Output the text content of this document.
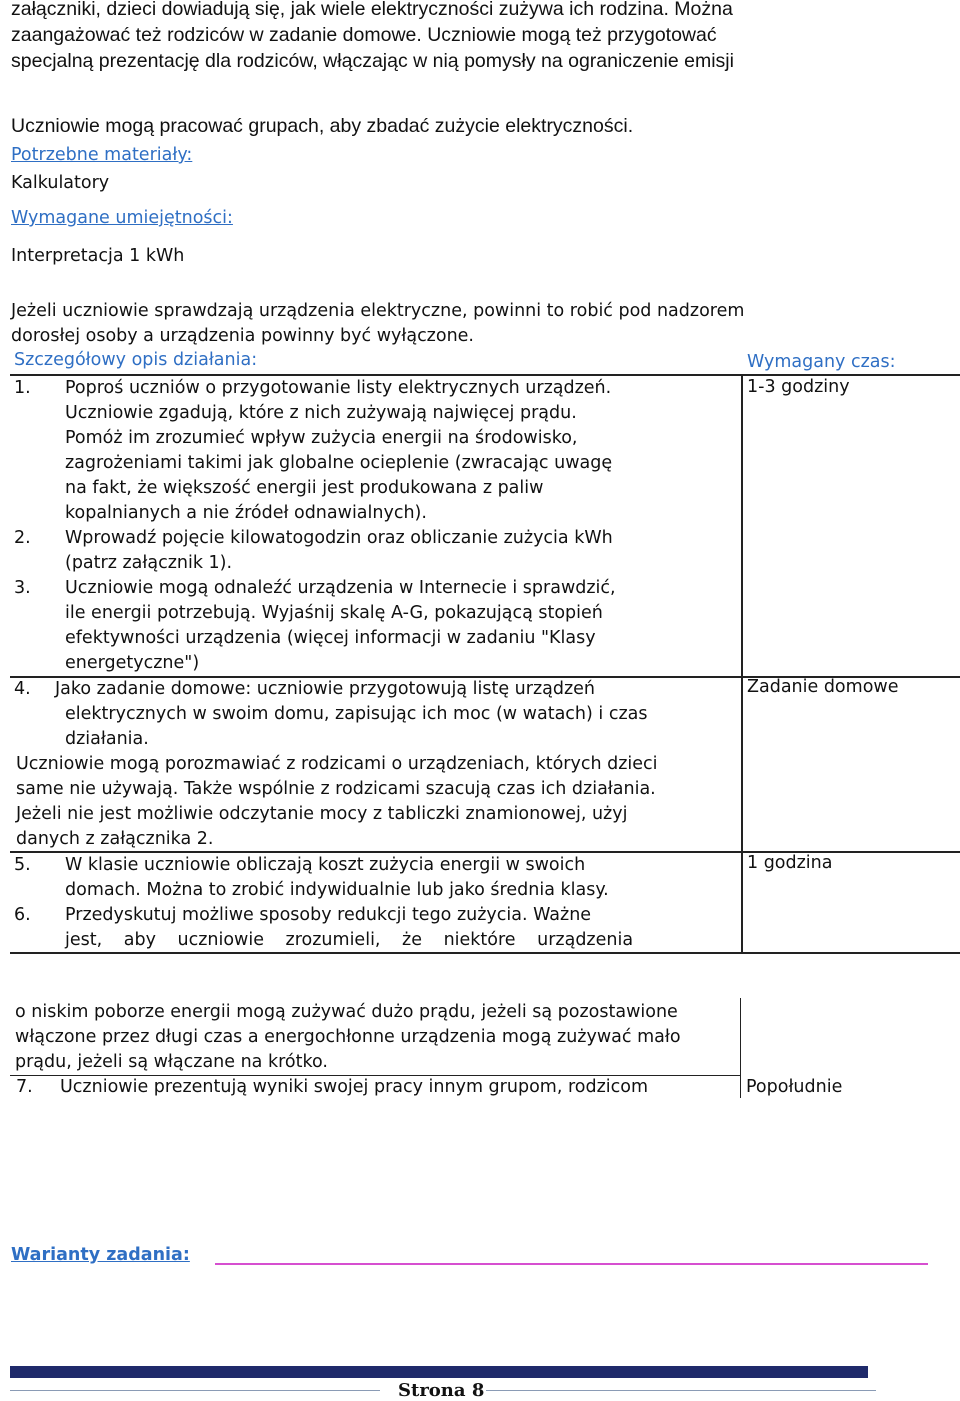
załączniki, dzieci dowiadują się, jak wiele elektryczności zużywa ich rodzina. Można
zaangażować też rodziców w zadanie domowe. Uczniowie mogą też przygotować
specjalną prezentację dla rodziców, włączając w nią pomysły na ograniczenie emisji
Uczniowie mogą pracować grupach, aby zbadać zużycie elektryczności.
Potrzebne materiały:
Kalkulatory
Wymagane umiejętności:
Interpretacja 1 kWh
Jeżeli uczniowie sprawdzają urządzenia elektryczne, powinni to robić pod nadzorem
dorosłej osoby a urządzenia powinny być wyłączone.
Szczegółowy opis działania:	Wymagany czas:
1. Poproś uczniów o przygotowanie listy elektrycznych urządzeń.
Uczniowie zgadują, które z nich zużywają najwięcej prądu.
Pomóż im zrozumieć wpływ zużycia energii na środowisko,
zagrożeniami takimi jak globalne ocieplenie (zwracając uwagę
na fakt, że większość energii jest produkowana z paliw
kopalnianych a nie źródeł odnawialnych).
2. Wprowadź pojęcie kilowatogodzin oraz obliczanie zużycia kWh
(patrz załącznik 1).
3. Uczniowie mogą odnaleźć urządzenia w Internecie i sprawdzić,
ile energii potrzebują. Wyjaśnij skalę A-G, pokazującą stopień
efektywności urządzenia (więcej informacji w zadaniu "Klasy
energetyczne")
4. Jako zadanie domowe: uczniowie przygotowują listę urządzeń
elektrycznych w swoim domu, zapisując ich moc (w watach) i czas
działania.
Uczniowie mogą porozmawiać z rodzicami o urządzeniach, których dzieci
same nie używają. Także wspólnie z rodzicami szacują czas ich działania.
Jeżeli nie jest możliwie odczytanie mocy z tabliczki znamionowej, użyj
danych z załącznika 2.
5. W klasie uczniowie obliczają koszt zużycia energii w swoich
domach. Można to zrobić indywidualnie lub jako średnia klasy.
6. Przedyskutuj możliwe sposoby redukcji tego zużycia. Ważne
jest, aby uczniowie zrozumieli, że niektóre urządzenia
1-3 godziny
Zadanie domowe
1 godzina
o niskim poborze energii mogą zużywać dużo prądu, jeżeli są pozostawione
włączone przez długi czas a energochłonne urządzenia mogą zużywać mało
prądu, jeżeli są włączane na krótko.
7. Uczniowie prezentują wyniki swojej pracy innym grupom, rodzicom	Popołudnie
Warianty zadania:
Strona 8
